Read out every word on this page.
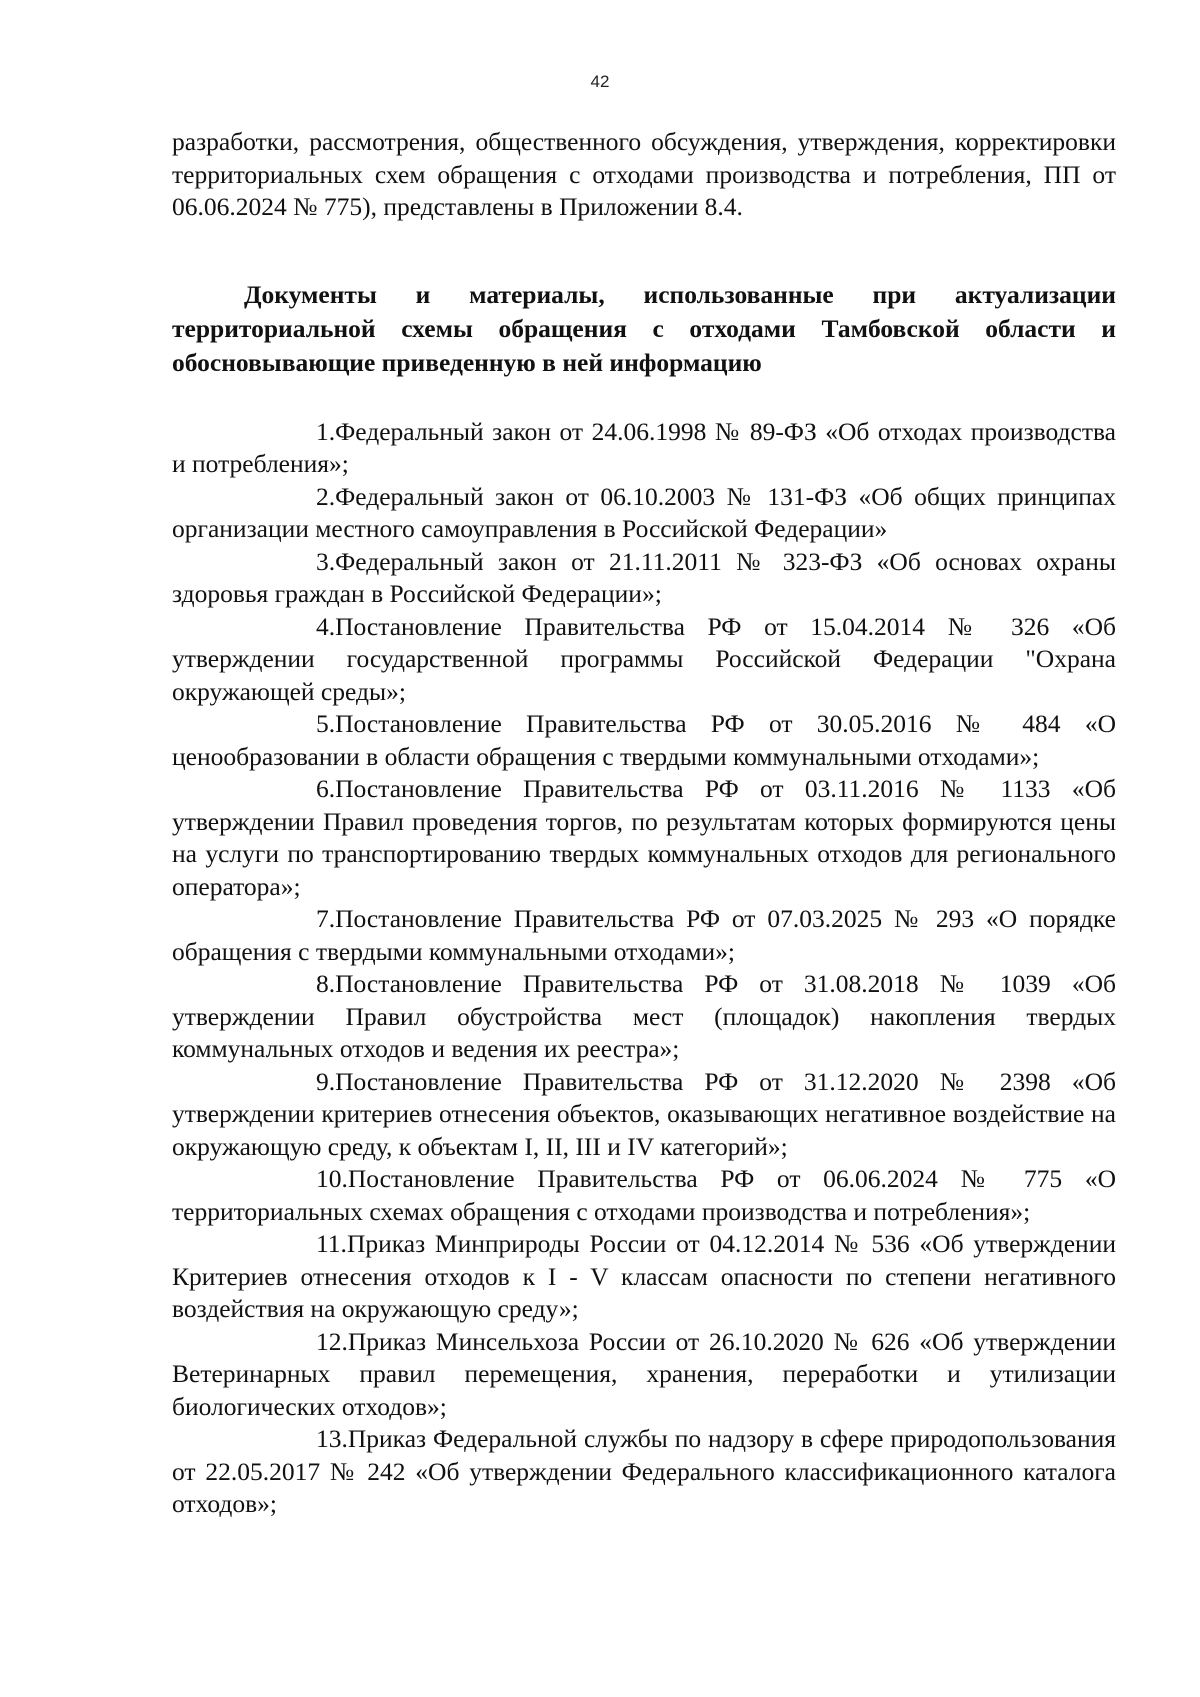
42

разработки, рассмотрения, общественного обсуждения, утверждения, корректировки территориальных схем обращения с отходами производства и потребления, ПП от 06.06.2024 № 775), представлены в Приложении 8.4.

Документы и материалы, использованные при актуализации территориальной схемы обращения с отходами Тамбовской области и обосновывающие приведенную в ней информацию

1.Федеральный закон от 24.06.1998 № 89-ФЗ «Об отходах производства и потребления»;
2.Федеральный закон от 06.10.2003 № 131-ФЗ «Об общих принципах организации местного самоуправления в Российской Федерации»
3.Федеральный закон от 21.11.2011 № 323-ФЗ «Об основах охраны здоровья граждан в Российской Федерации»;
4.Постановление Правительства РФ от 15.04.2014 № 326 «Об утверждении государственной программы Российской Федерации "Охрана окружающей среды»;
5.Постановление Правительства РФ от 30.05.2016 № 484 «О ценообразовании в области обращения с твердыми коммунальными отходами»;
6.Постановление Правительства РФ от 03.11.2016 № 1133 «Об утверждении Правил проведения торгов, по результатам которых формируются цены на услуги по транспортированию твердых коммунальных отходов для регионального оператора»;
7.Постановление Правительства РФ от 07.03.2025 № 293 «О порядке обращения с твердыми коммунальными отходами»;
8.Постановление Правительства РФ от 31.08.2018 № 1039 «Об утверждении Правил обустройства мест (площадок) накопления твердых коммунальных отходов и ведения их реестра»;
9.Постановление Правительства РФ от 31.12.2020 № 2398 «Об утверждении критериев отнесения объектов, оказывающих негативное воздействие на окружающую среду, к объектам I, II, III и IV категорий»;
10.Постановление Правительства РФ от 06.06.2024 № 775 «О территориальных схемах обращения с отходами производства и потребления»;
11.Приказ Минприроды России от 04.12.2014 № 536 «Об утверждении Критериев отнесения отходов к I - V классам опасности по степени негативного воздействия на окружающую среду»;
12.Приказ Минсельхоза России от 26.10.2020 № 626 «Об утверждении Ветеринарных правил перемещения, хранения, переработки и утилизации биологических отходов»;
13.Приказ Федеральной службы по надзору в сфере природопользования от 22.05.2017 № 242 «Об утверждении Федерального классификационного каталога отходов»;
